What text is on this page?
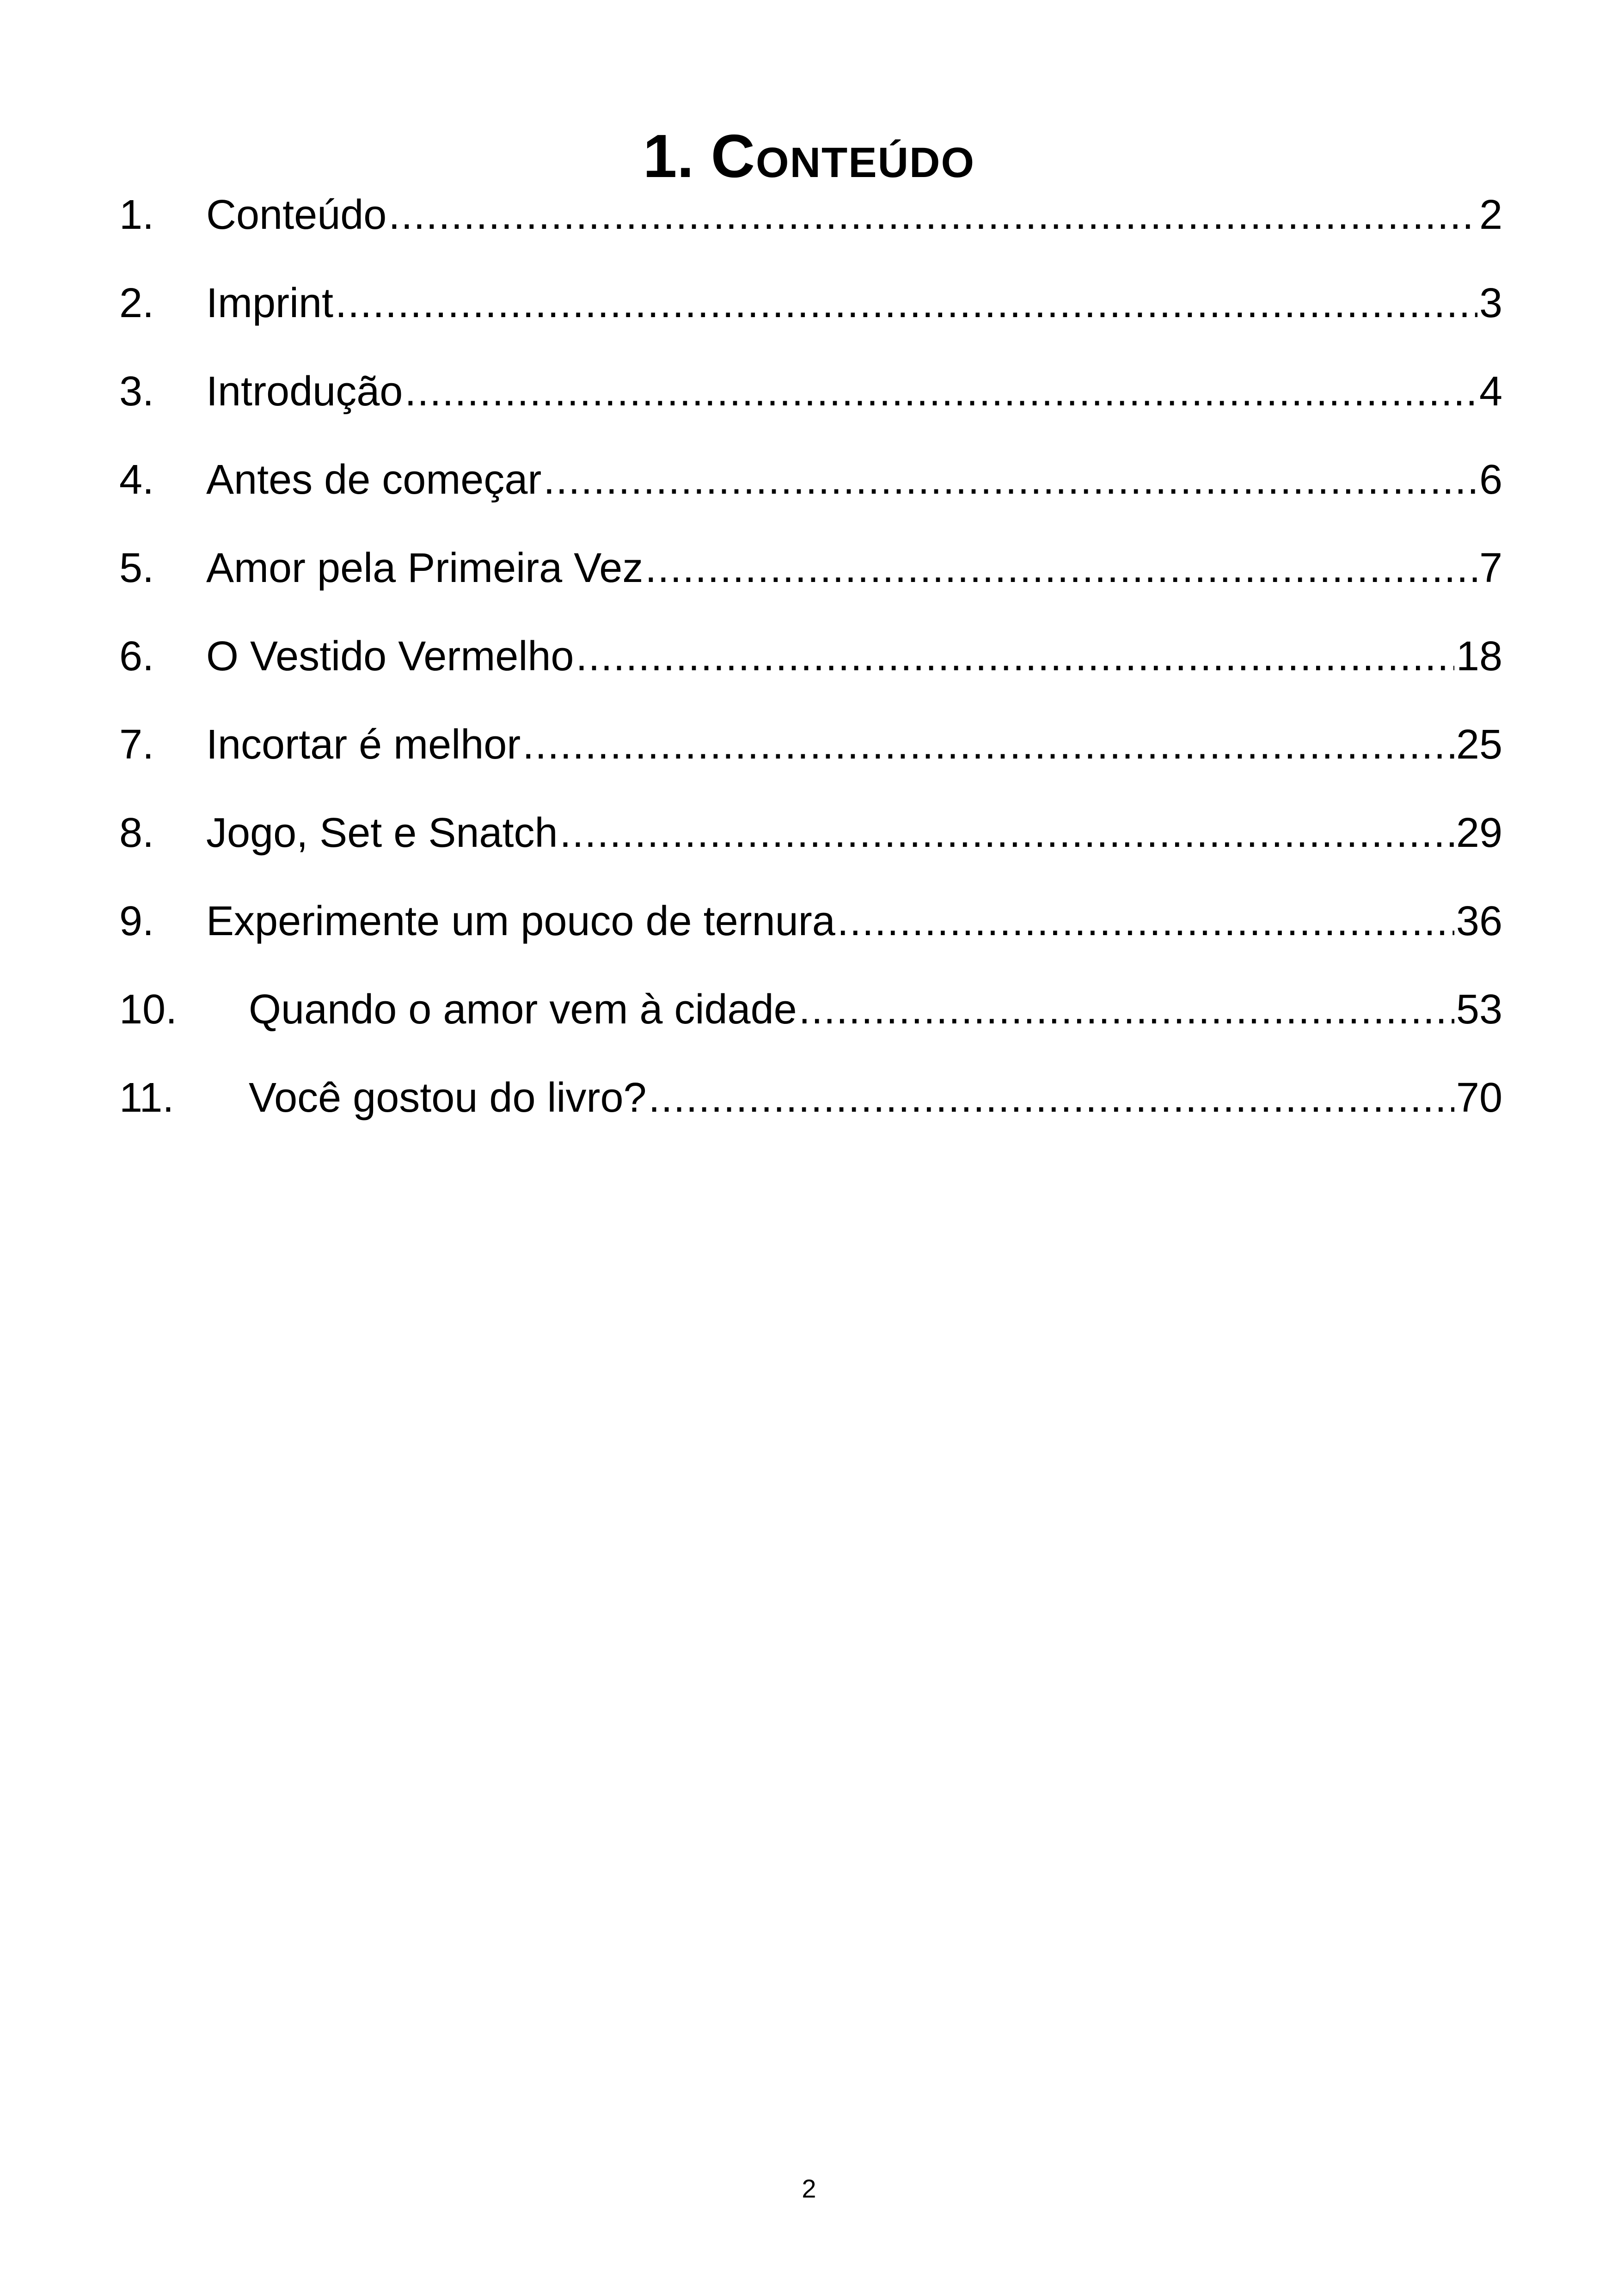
1. Conteúdo
1.	Conteúdo .....	2
2.	Imprint .....	3
3.	Introdução .....	4
4.	Antes de começar .....	6
5.	Amor pela Primeira Vez .....	7
6.	O Vestido Vermelho .....	18
7.	Incortar é melhor .....	25
8.	Jogo, Set e Snatch .....	29
9.	Experimente um pouco de ternura .....	36
10.	Quando o amor vem à cidade .....	53
11.	Você gostou do livro? .....	70
2
